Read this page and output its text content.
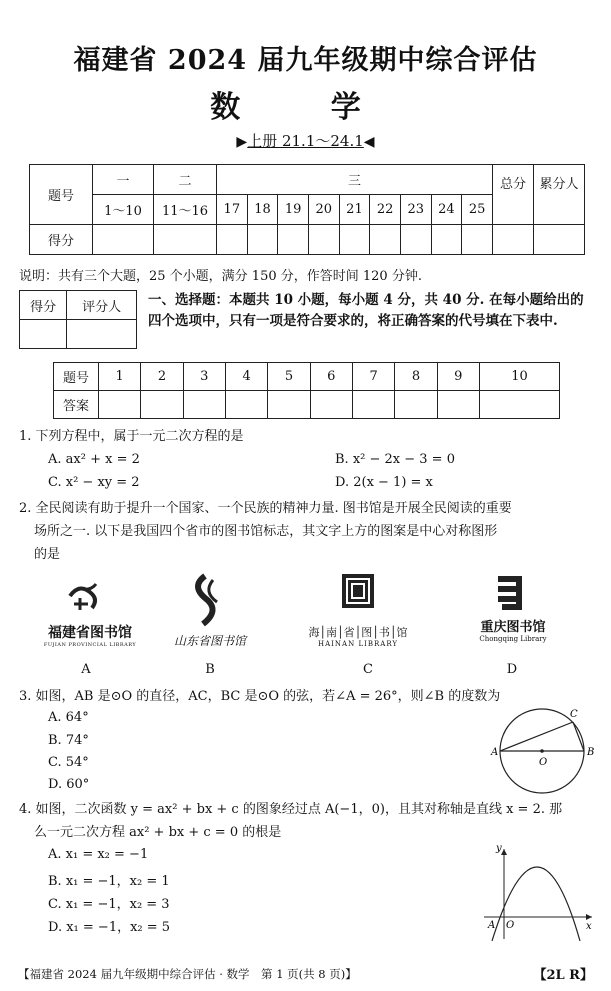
福建省 2024 届九年级期中综合评估
数 学
▶上册 21.1～24.1◀
题号	一	二	三									总分	累分人
	1～10	11～16	17	18	19	20	21	22	23	24	25		
得分													
说明：共有三个大题，25 个小题，满分 150 分，作答时间 120 分钟.
得分	评分人
	一、选择题：本题共 10 小题，每小题 4 分，共 40 分. 在每小题给出的四个选项中，只有一项是符合要求的，将正确答案的代号填在下表中.
题号	1	2	3	4	5	6	7	8	9	10
答案										
1. 下列方程中，属于一元二次方程的是
A. ax² + x = 2	B. x² − 2x − 3 = 0
C. x² − xy = 2	D. 2(x − 1) = x
2. 全民阅读有助于提升一个国家、一个民族的精神力量. 图书馆是开展全民阅读的重要
场所之一. 以下是我国四个省市的图书馆标志，其文字上方的图案是中心对称图形
的是
福建省图书馆
FUJIAN PROVINCIAL LIBRARY
A
山东省图书馆
B
海│南│省│图│书│馆
HAINAN LIBRARY
C
重庆图书馆
Chongqing Library
D
3. 如图，AB 是⊙O 的直径，AC，BC 是⊙O 的弦，若∠A = 26°，则∠B 的度数为
A. 64°
B. 74°
C. 54°
D. 60°
A	B
C
O
4. 如图，二次函数 y = ax² + bx + c 的图象经过点 A(−1，0)，且其对称轴是直线 x = 2. 那
么一元二次方程 ax² + bx + c = 0 的根是
A. x₁ = x₂ = −1
B. x₁ = −1，x₂ = 1
C. x₁ = −1，x₂ = 3
D. x₁ = −1，x₂ = 5
y
x
A O
【福建省 2024 届九年级期中综合评估 · 数学　第 1 页(共 8 页)】	【2L R】
